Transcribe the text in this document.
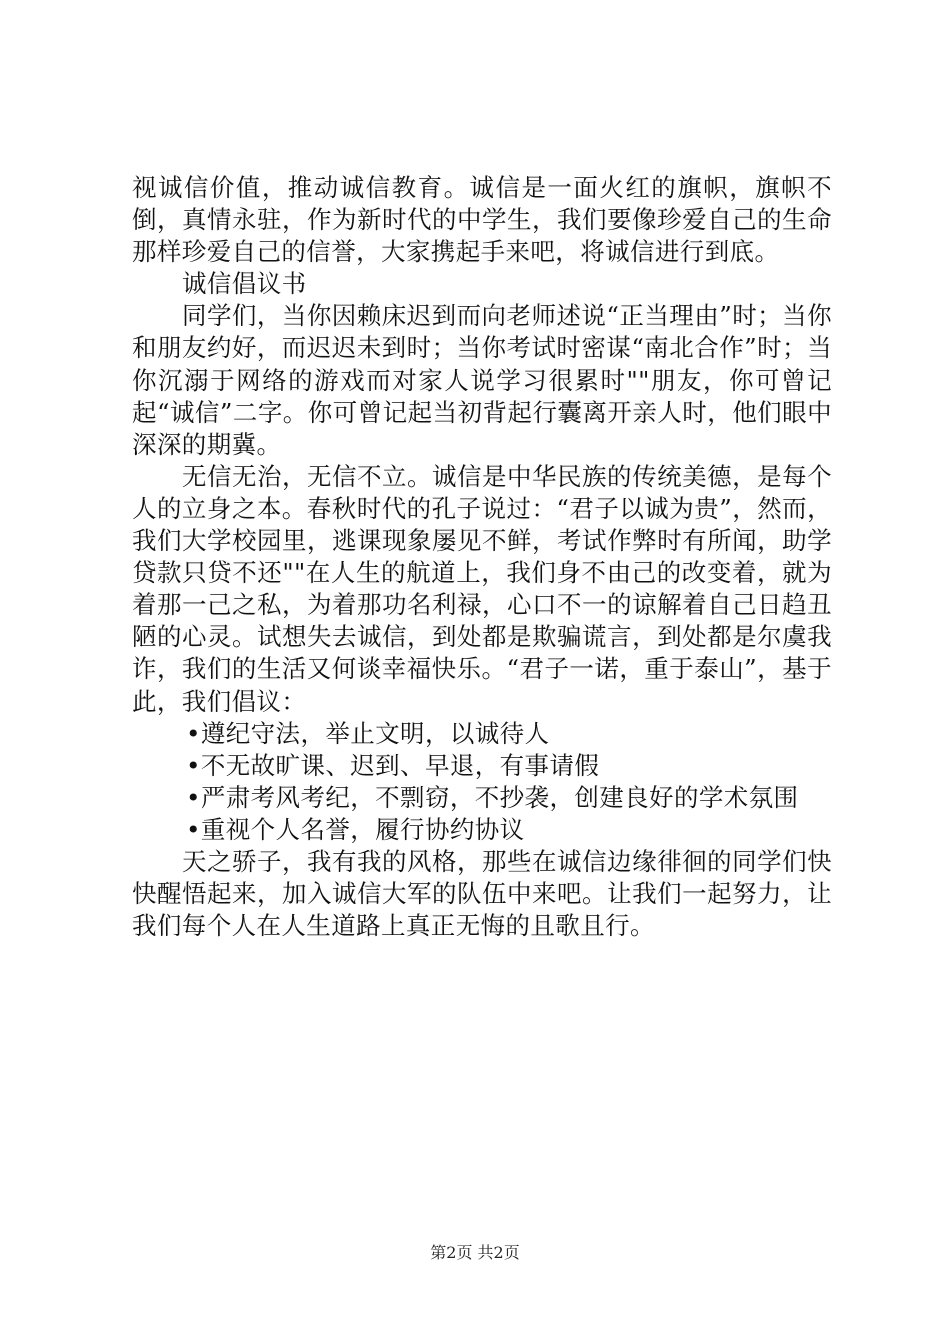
视诚信价值，推动诚信教育。诚信是一面火红的旗帜，旗帜不倒，真情永驻，作为新时代的中学生，我们要像珍爱自己的生命那样珍爱自己的信誉，大家携起手来吧，将诚信进行到底。

诚信倡议书

同学们，当你因赖床迟到而向老师述说“正当理由”时；当你和朋友约好，而迟迟未到时；当你考试时密谋“南北合作”时；当你沉溺于网络的游戏而对家人说学习很累时""朋友，你可曾记起“诚信”二字。你可曾记起当初背起行囊离开亲人时，他们眼中深深的期冀。

无信无治，无信不立。诚信是中华民族的传统美德，是每个人的立身之本。春秋时代的孔子说过：“君子以诚为贵”，然而，我们大学校园里，逃课现象屡见不鲜，考试作弊时有所闻，助学贷款只贷不还""在人生的航道上，我们身不由己的改变着，就为着那一己之私，为着那功名利禄，心口不一的谅解着自己日趋丑陋的心灵。试想失去诚信，到处都是欺骗谎言，到处都是尔虞我诈，我们的生活又何谈幸福快乐。“君子一诺，重于泰山”，基于此，我们倡议：

•遵纪守法，举止文明，以诚待人

•不无故旷课、迟到、早退，有事请假

•严肃考风考纪，不剽窃，不抄袭，创建良好的学术氛围

•重视个人名誉，履行协约协议

天之骄子，我有我的风格，那些在诚信边缘徘徊的同学们快快醒悟起来，加入诚信大军的队伍中来吧。让我们一起努力，让我们每个人在人生道路上真正无悔的且歌且行。

第2页 共2页
